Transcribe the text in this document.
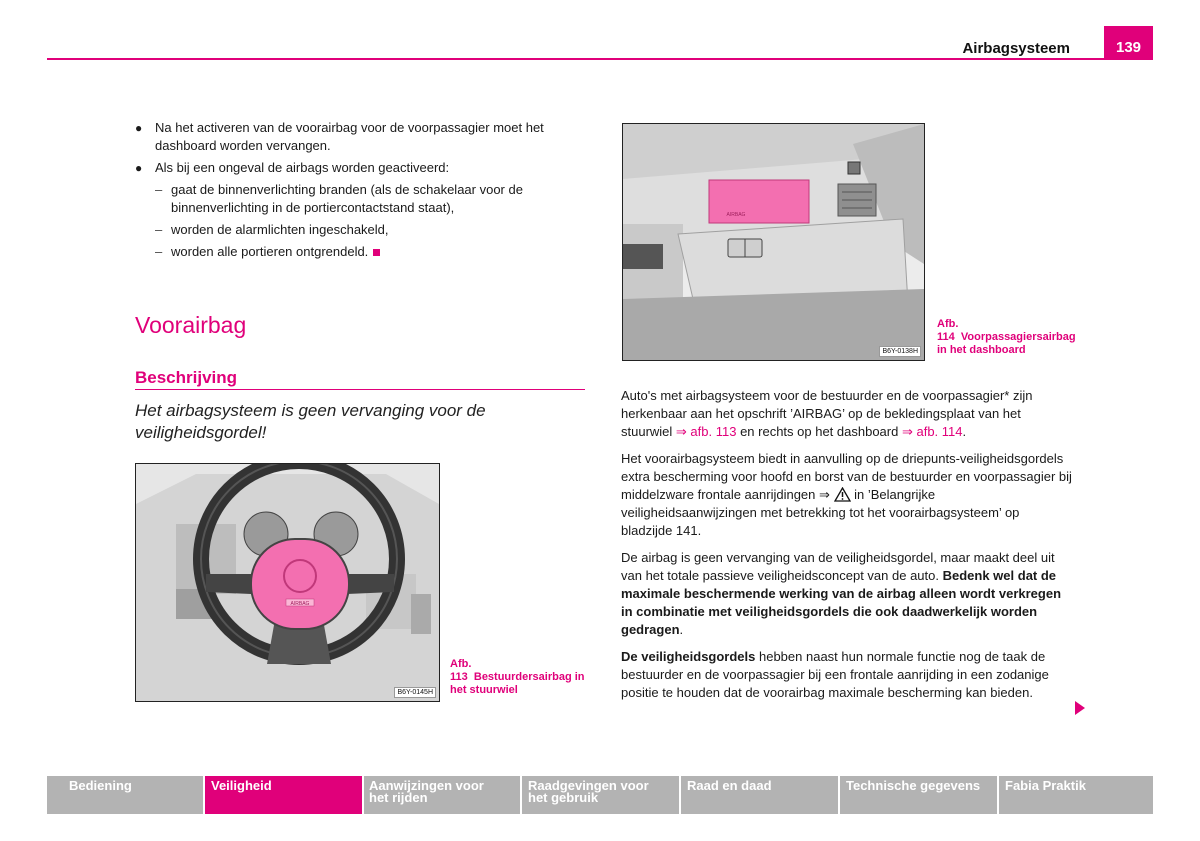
Airbagsysteem	139
● Na het activeren van de voorairbag voor de voorpassagier moet het dashboard worden vervangen.
● Als bij een ongeval de airbags worden geactiveerd:
– gaat de binnenverlichting branden (als de schakelaar voor de binnenverlichting in de portiercontactstand staat),
– worden de alarmlichten ingeschakeld,
– worden alle portieren ontgrendeld.
Voorairbag
Beschrijving
Het airbagsysteem is geen vervanging voor de veiligheidsgordel!
AIRBAG
B6Y-0145H
Afb. 113 Bestuurdersairbag in het stuurwiel
AIRBAG
B6Y-0138H
Afb. 114 Voorpassagiersairbag in het dashboard

Auto's met airbagsysteem voor de bestuurder en de voorpassagier* zijn herkenbaar aan het opschrift ’AIRBAG’ op de bekledingsplaat van het stuurwiel ⇒ afb. 113 en rechts op het dashboard ⇒ afb. 114.

Het voorairbagsysteem biedt in aanvulling op de driepunts-veiligheidsgordels extra bescherming voor hoofd en borst van de bestuurder en voorpassagier bij middelzware frontale aanrijdingen ⇒  in ’Belangrijke veiligheidsaanwijzingen met betrekking tot het voorairbagsysteem’ op bladzijde 141.

De airbag is geen vervanging van de veiligheidsgordel, maar maakt deel uit van het totale passieve veiligheidsconcept van de auto. Bedenk wel dat de maximale beschermende werking van de airbag alleen wordt verkregen in combinatie met veiligheidsgordels die ook daadwerkelijk worden gedragen.

De veiligheidsgordels hebben naast hun normale functie nog de taak de bestuurder en de voorpassagier bij een frontale aanrijding in een zodanige positie te houden dat de voorairbag maximale bescherming kan bieden.

Bediening	Veiligheid	Aanwijzingen voor
het rijden
Raadgevingen voor
het gebruik
Raad en daad	Technische gegevens	Fabia Praktik
